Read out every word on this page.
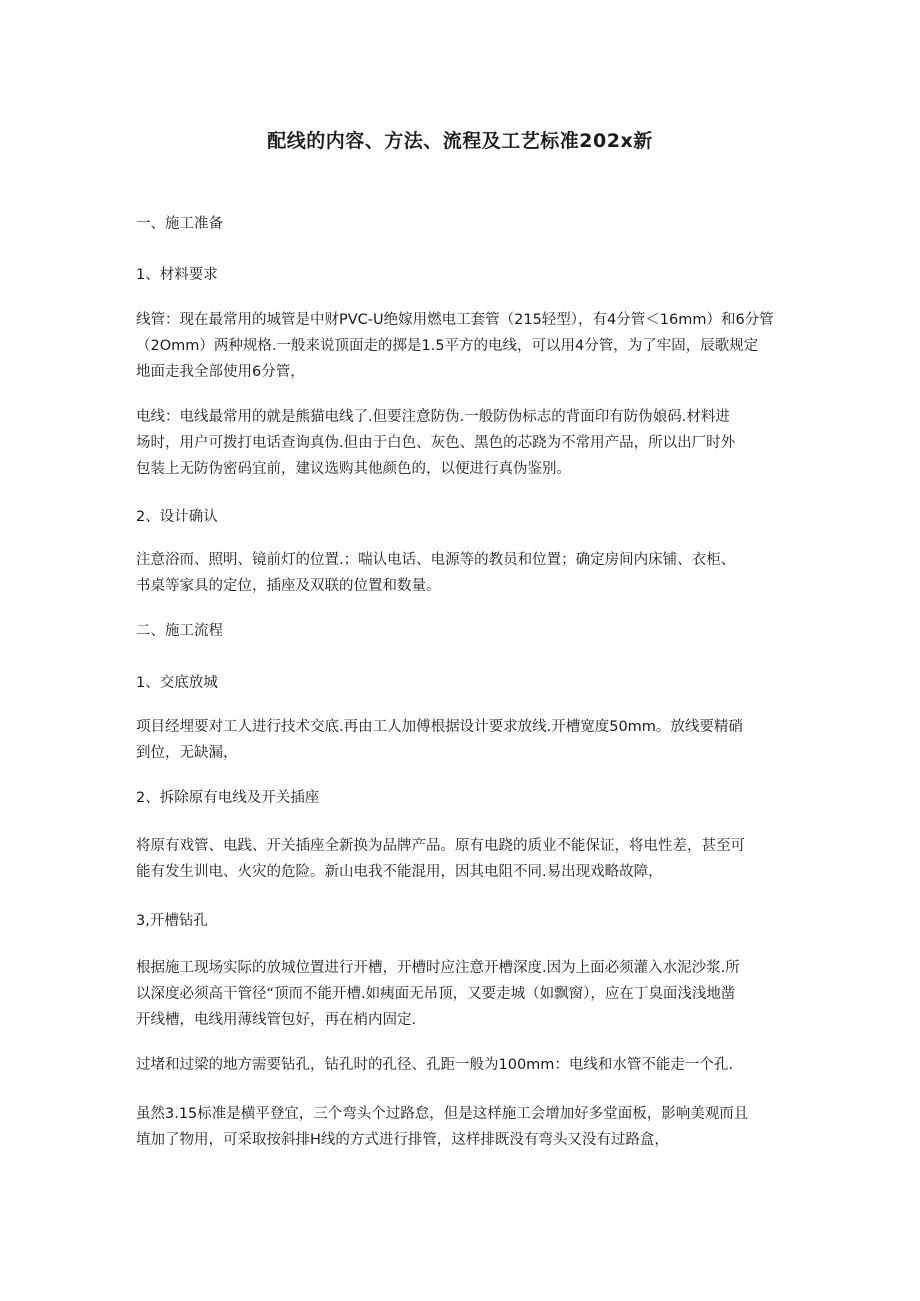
配线的内容、方法、流程及工艺标准202x新

一、施工准备

1、材料要求

线管：现在最常用的城管是中财PVC-U绝嫁用燃电工套管（215轻型），有4分管＜16mm）和6分管
（2Omm）两种规格.一般来说顶面走的掷是1.5平方的电线，可以用4分管，为了牢固，辰歌规定
地面走我全部使用6分管，

电线：电线最常用的就是熊猫电线了.但要注意防伪.一般防伪标志的背面印有防伪娘码.材料进
场时，用户可拨打电话查询真伪.但由于白色、灰色、黑色的芯跷为不常用产品，所以出厂时外
包装上无防伪密码宜前，建议选购其他颜色的，以便进行真伪鉴别。

2、设计确认

注意浴而、照明、镜前灯的位置.；喘认电话、电源等的教员和位置；确定房间内床铺、衣柜、
书桌等家具的定位，插座及双联的位置和数量。

二、施工流程

1、交底放城

项目经埋要对工人进行技术交底.再由工人加傅根据设计要求放线.开槽宽度50mm。放线要精硝
到位，无缺漏，

2、拆除原有电线及开关插座

将原有戏管、电践、开关插座全新换为品牌产品。原有电跷的质业不能保证，将电性差，甚至可
能有发生训电、火灾的危险。新山电我不能混用，因其电阻不同.易出现戏略故障，

3,开槽钻孔

根据施工现场实际的放城位置进行开槽，开槽时应注意开槽深度.因为上面必须灌入水泥沙浆.所
以深度必须高干管径“顶而不能开槽.如痍面无吊顶，又要走城（如飘窗），应在丁臭面浅浅地凿
开线槽，电线用薄线管包好，再在梢内固定.

过堵和过梁的地方需要钻孔，钻孔时的孔径、孔距一般为100mm：电线和水管不能走一个孔.

虽然3.15标准是横平登宜，三个弯头个过路怠，但是这样施工会增加好多堂面板，影响美观而且
埴加了物用，可采取按斜排H线的方式进行排管，这样排既没有弯头又没有过路盒，
